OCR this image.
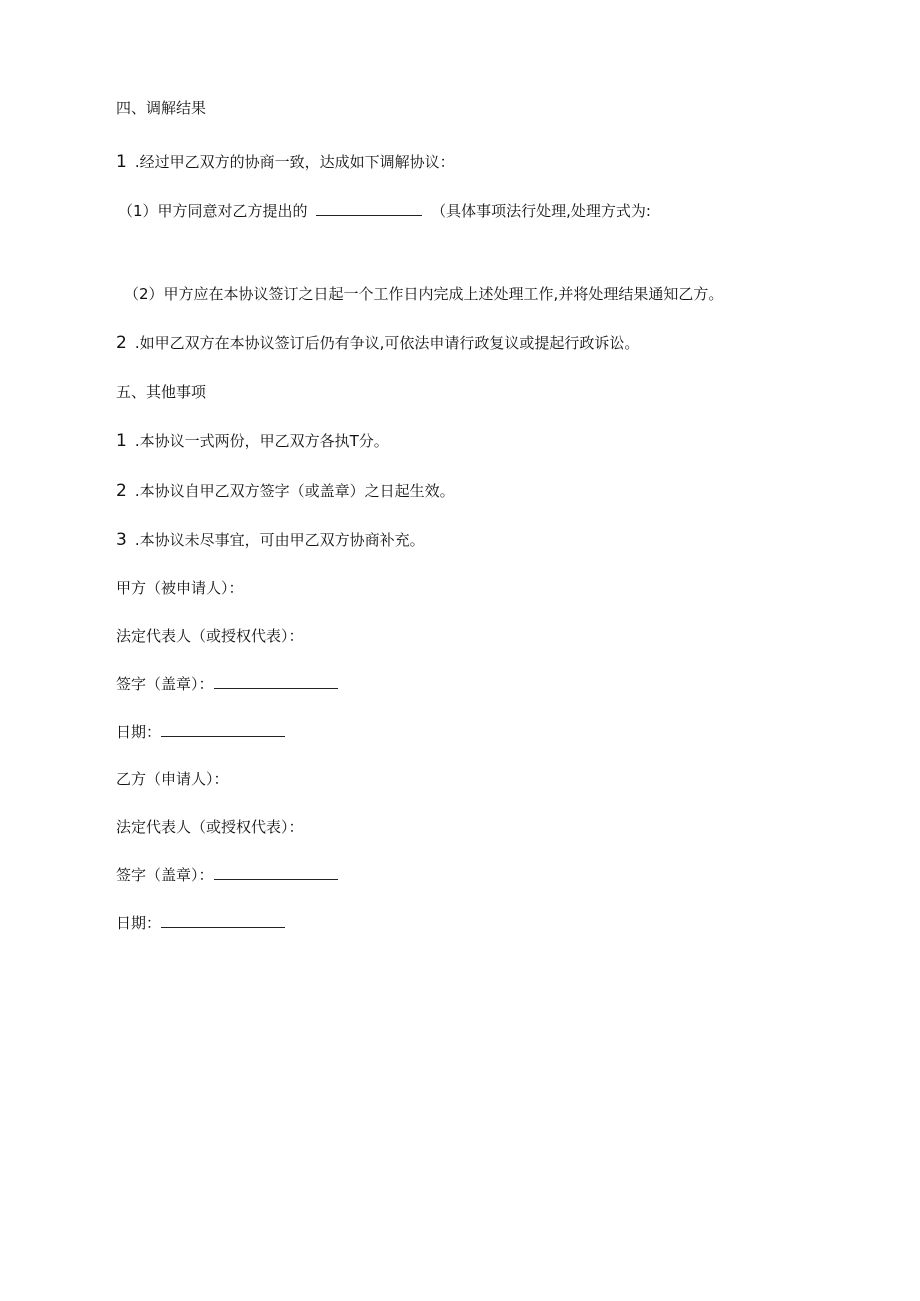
四、调解结果
1 .经过甲乙双方的协商一致，达成如下调解协议：
（1）甲方同意对乙方提出的	（具体事项法行处理,处理方式为:
（2）甲方应在本协议签订之日起一个工作日内完成上述处理工作,并将处理结果通知乙方。
2 .如甲乙双方在本协议签订后仍有争议,可依法申请行政复议或提起行政诉讼。
五、其他事项
1 .本协议一式两份，甲乙双方各执T分。
2 .本协议自甲乙双方签字（或盖章）之日起生效。
3 .本协议未尽事宜，可由甲乙双方协商补充。
甲方（被申请人）：
法定代表人（或授权代表）：
签字（盖章）：
日期：
乙方（申请人）：
法定代表人（或授权代表）：
签字（盖章）：
日期：
